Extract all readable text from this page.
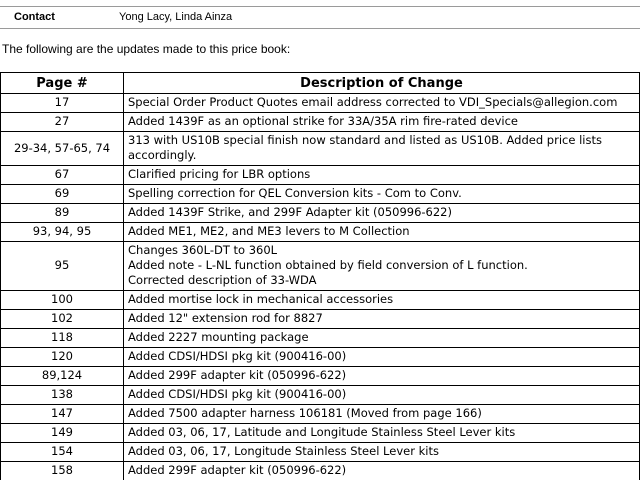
Contact	Yong Lacy, Linda Ainza
The following are the updates made to this price book:
Page #	Description of Change
17	Special Order Product Quotes email address corrected to VDI_Specials@allegion.com

27	Added 1439F as an optional strike for 33A/35A rim fire-rated device

29-34, 57-65, 74	313 with US10B special finish now standard and listed as US10B. Added price lists accordingly.

67	Clarified pricing for LBR options

69	Spelling correction for QEL Conversion kits - Com to Conv.

89	Added 1439F Strike, and 299F Adapter kit (050996-622)

93, 94, 95	Added ME1, ME2, and ME3 levers to M Collection

95	Changes 360L-DT to 360L
Added note - L-NL function obtained by field conversion of L function.
Corrected description of 33-WDA

100	Added mortise lock in mechanical accessories

102	Added 12" extension rod for 8827

118	Added 2227 mounting package

120	Added CDSI/HDSI pkg kit (900416-00)

89,124	Added 299F adapter kit (050996-622)

138	Added CDSI/HDSI pkg kit (900416-00)

147	Added 7500 adapter harness 106181 (Moved from page 166)

149	Added 03, 06, 17, Latitude and Longitude Stainless Steel Lever kits

154	Added 03, 06, 17, Longitude Stainless Steel Lever kits

158	Added 299F adapter kit (050996-622)
